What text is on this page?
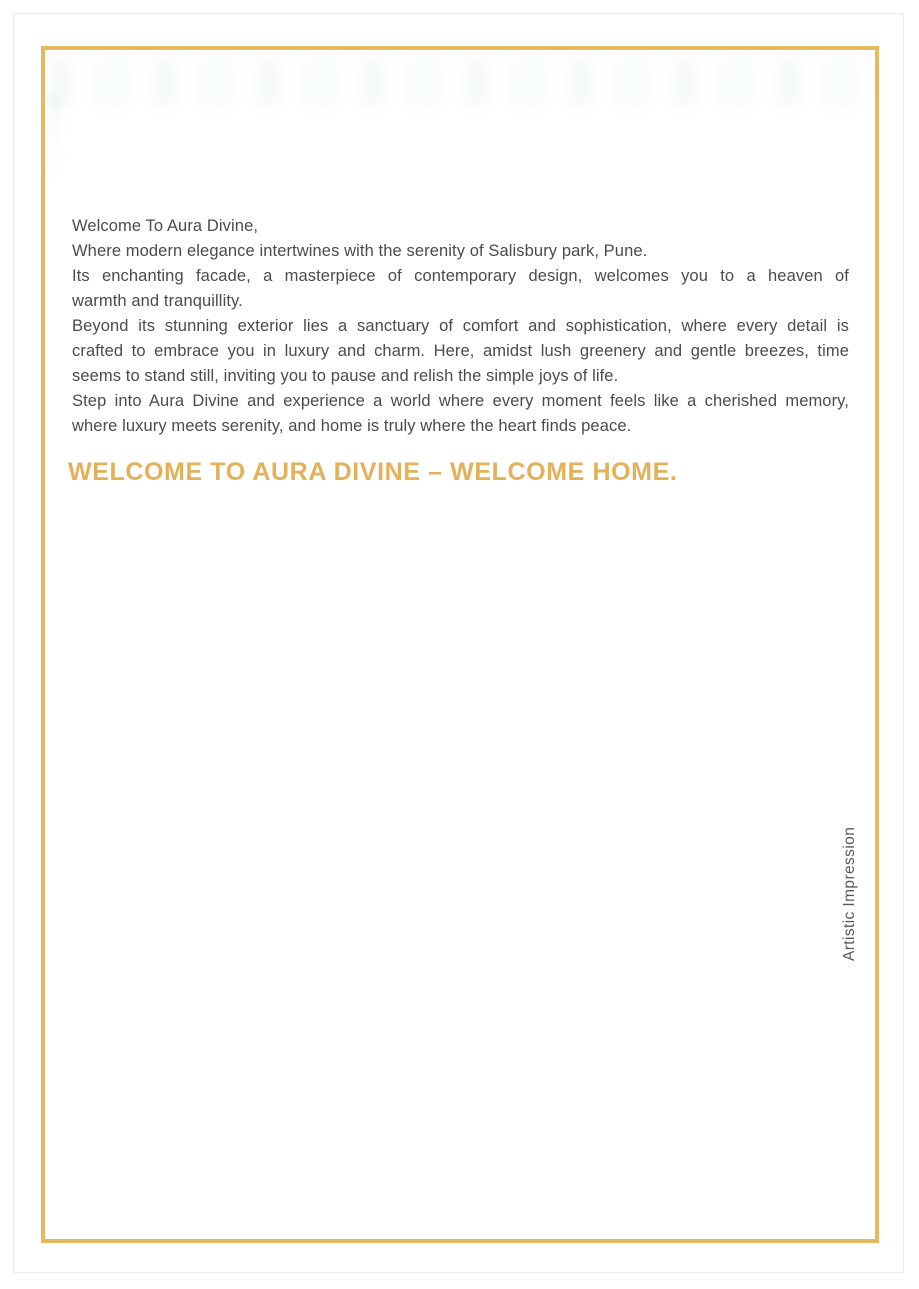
Welcome To Aura Divine,
Where modern elegance intertwines with the serenity of Salisbury park, Pune.
Its enchanting facade, a masterpiece of contemporary design, welcomes you to a heaven of
warmth and tranquillity.
Beyond its stunning exterior lies a sanctuary of comfort and sophistication, where every detail is
crafted to embrace you in luxury and charm. Here, amidst lush greenery and gentle breezes, time
seems to stand still, inviting you to pause and relish the simple joys of life.
Step into Aura Divine and experience a world where every moment feels like a cherished memory,
where luxury meets serenity, and home is truly where the heart finds peace.
WELCOME TO AURA DIVINE – WELCOME HOME.
Artistic Impression
